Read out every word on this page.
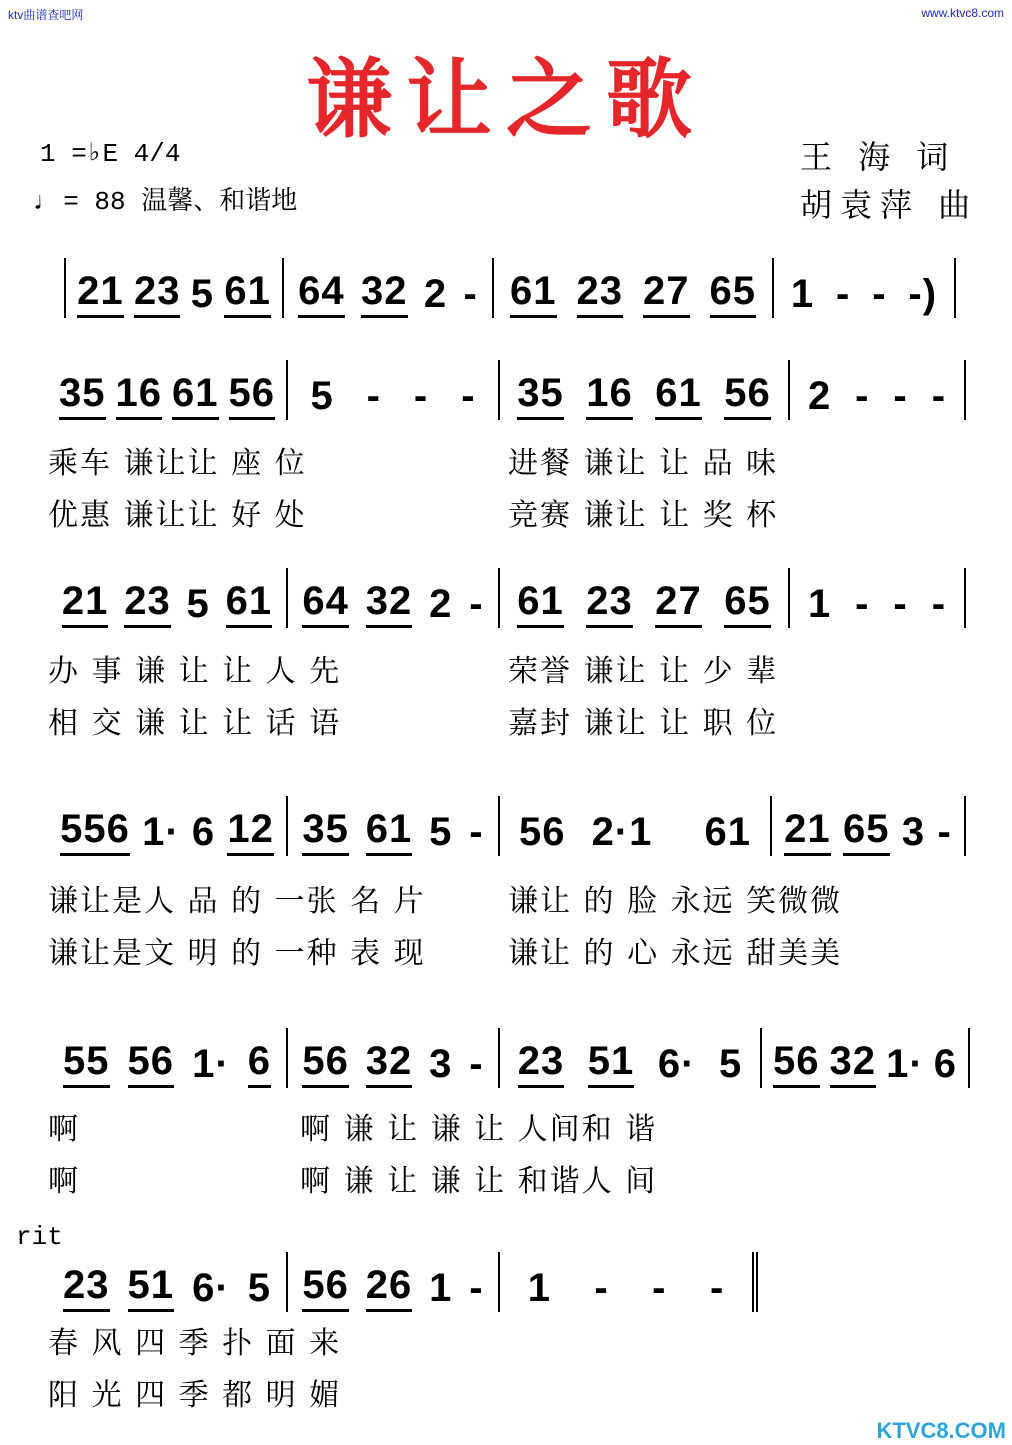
ktv曲谱查吧网	www.ktvc8.com
谦让之歌
1 =♭E 4/4
♩ = 88 温馨、和谐地
王 海 词
胡袁萍 曲
21 23 5 61 64 32 2 - 61 23 27 65 1 - - -)
35 16 61 56 5 - - - 35 16 61 56 2 - - -
乘车 谦让让 座 位
优惠 谦让让 好 处
进餐 谦让 让 品 味
竞赛 谦让 让 奖 杯
21 23 5 61 64 32 2 - 61 23 27 65 1 - - -
办 事 谦 让 让 人 先
相 交 谦 让 让 话 语
荣誉 谦让 让 少 辈
嘉封 谦让 让 职 位
556 1· 6 12 35 61 5 - 56 2·1 61 21 65 3 -
谦让是人 品 的 一张 名 片
谦让是文 明 的 一种 表 现
谦让 的 脸 永远 笑微微
谦让 的 心 永远 甜美美
55 56 1· 6 56 32 3 - 23 51 6· 5 56 32 1· 6
啊
啊
啊 谦 让 谦 让 人间和 谐
啊 谦 让 谦 让 和谐人 间
rit
23 51 6· 5 56 26 1 - 1 - - -
春 风 四 季 扑 面 来
阳 光 四 季 都 明 媚
KTVC8.COM
